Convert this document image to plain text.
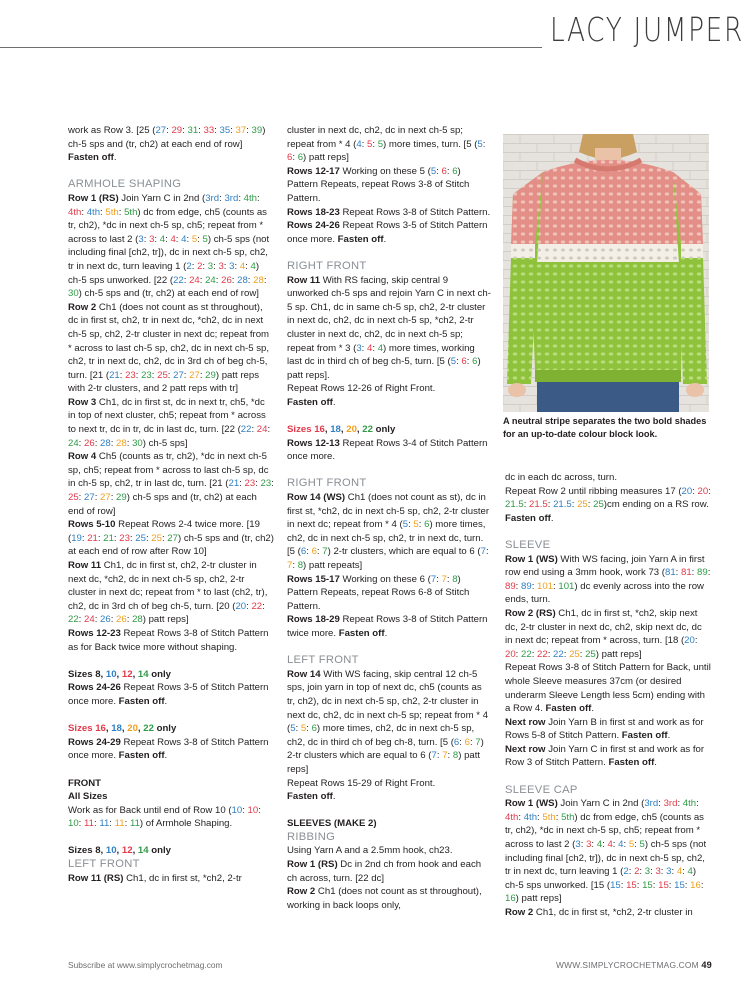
LACY JUMPER

work as Row 3. [25 (27: 29: 31: 33: 35: 37: 39) ch-5 sps and (tr, ch2) at each end of row]
Fasten off.

ARMHOLE SHAPING

Row 1 (RS) Join Yarn C in 2nd (3rd: 3rd: 4th: 4th: 4th: 5th: 5th) dc from edge, ch5 (counts as tr, ch2), *dc in next ch-5 sp, ch5; repeat from * across to last 2 (3: 3: 4: 4: 4: 5: 5) ch-5 sps (not including final [ch2, tr]), dc in next ch-5 sp, ch2, tr in next dc, turn leaving 1 (2: 2: 3: 3: 3: 4: 4) ch-5 sps unworked. [22 (22: 24: 24: 26: 28: 28: 30) ch-5 sps and (tr, ch2) at each end of row]

Row 2 Ch1 (does not count as st throughout), dc in first st, ch2, tr in next dc, *ch2, dc in next ch-5 sp, ch2, 2-tr cluster in next dc; repeat from * across to last ch-5 sp, ch2, dc in next ch-5 sp, ch2, tr in next dc, ch2, dc in 3rd ch of beg ch-5, turn. [21 (21: 23: 23: 25: 27: 27: 29) patt reps with 2-tr clusters, and 2 patt reps with tr]

Row 3 Ch1, dc in first st, dc in next tr, ch5, *dc in top of next cluster, ch5; repeat from * across to next tr, dc in tr, dc in last dc, turn. [22 (22: 24: 24: 26: 28: 28: 30) ch-5 sps]

Row 4 Ch5 (counts as tr, ch2), *dc in next ch-5 sp, ch5; repeat from * across to last ch-5 sp, dc in ch-5 sp, ch2, tr in last dc, turn. [21 (21: 23: 23: 25: 27: 27: 29) ch-5 sps and (tr, ch2) at each end of row]

Rows 5-10 Repeat Rows 2-4 twice more. [19 (19: 21: 21: 23: 25: 25: 27) ch-5 sps and (tr, ch2) at each end of row after Row 10]

Row 11 Ch1, dc in first st, ch2, 2-tr cluster in next dc, *ch2, dc in next ch-5 sp, ch2, 2-tr cluster in next dc; repeat from * to last (ch2, tr), ch2, dc in 3rd ch of beg ch-5, turn. [20 (20: 22: 22: 24: 26: 26: 28) patt reps]

Rows 12-23 Repeat Rows 3-8 of Stitch Pattern as for Back twice more without shaping.

Sizes 8, 10, 12, 14 only

Rows 24-26 Repeat Rows 3-5 of Stitch Pattern once more. Fasten off.

Sizes 16, 18, 20, 22 only

Rows 24-29 Repeat Rows 3-8 of Stitch Pattern once more. Fasten off.

FRONT

All Sizes

Work as for Back until end of Row 10 (10: 10: 10: 11: 11: 11: 11) of Armhole Shaping.

Sizes 8, 10, 12, 14 only

LEFT FRONT

Row 11 (RS) Ch1, dc in first st, *ch2, 2-tr

cluster in next dc, ch2, dc in next ch-5 sp; repeat from * 4 (4: 5: 5) more times, turn. [5 (5: 6: 6) patt reps]

Rows 12-17 Working on these 5 (5: 6: 6) Pattern Repeats, repeat Rows 3-8 of Stitch Pattern.

Rows 18-23 Repeat Rows 3-8 of Stitch Pattern.

Rows 24-26 Repeat Rows 3-5 of Stitch Pattern once more. Fasten off.

RIGHT FRONT

Row 11 With RS facing, skip central 9 unworked ch-5 sps and rejoin Yarn C in next ch-5 sp. Ch1, dc in same ch-5 sp, ch2, 2-tr cluster in next dc, ch2, dc in next ch-5 sp, *ch2, 2-tr cluster in next dc, ch2, dc in next ch-5 sp; repeat from * 3 (3: 4: 4) more times, working last dc in third ch of beg ch-5, turn. [5 (5: 6: 6) patt reps].

Repeat Rows 12-26 of Right Front.

Fasten off.

Sizes 16, 18, 20, 22 only

Rows 12-13 Repeat Rows 3-4 of Stitch Pattern once more.

RIGHT FRONT

Row 14 (WS) Ch1 (does not count as st), dc in first st, *ch2, dc in next ch-5 sp, ch2, 2-tr cluster in next dc; repeat from * 4 (5: 5: 6) more times, ch2, dc in next ch-5 sp, ch2, tr in next dc, turn. [5 (6: 6: 7) 2-tr clusters, which are equal to 6 (7: 7: 8) patt repeats]

Rows 15-17 Working on these 6 (7: 7: 8) Pattern Repeats, repeat Rows 6-8 of Stitch Pattern.

Rows 18-29 Repeat Rows 3-8 of Stitch Pattern twice more. Fasten off.

LEFT FRONT

Row 14 With WS facing, skip central 12 ch-5 sps, join yarn in top of next dc, ch5 (counts as tr, ch2), dc in next ch-5 sp, ch2, 2-tr cluster in next dc, ch2, dc in next ch-5 sp; repeat from * 4 (5: 5: 6) more times, ch2, dc in next ch-5 sp, ch2, dc in third ch of beg ch-8, turn. [5 (6: 6: 7) 2-tr clusters which are equal to 6 (7: 7: 8) patt reps]

Repeat Rows 15-29 of Right Front.

Fasten off.

SLEEVES (MAKE 2)

RIBBING

Using Yarn A and a 2.5mm hook, ch23.

Row 1 (RS) Dc in 2nd ch from hook and each ch across, turn. [22 dc]

Row 2 Ch1 (does not count as st throughout), working in back loops only,

A neutral stripe separates the two bold shades for an up-to-date colour block look.

dc in each dc across, turn.

Repeat Row 2 until ribbing measures 17 (20: 20: 21.5: 21.5: 21.5: 25: 25)cm ending on a RS row. Fasten off.

SLEEVE

Row 1 (WS) With WS facing, join Yarn A in first row end using a 3mm hook, work 73 (81: 81: 89: 89: 89: 101: 101) dc evenly across into the row ends, turn.

Row 2 (RS) Ch1, dc in first st, *ch2, skip next dc, 2-tr cluster in next dc, ch2, skip next dc, dc in next dc; repeat from * across, turn. [18 (20: 20: 22: 22: 22: 25: 25) patt reps]

Repeat Rows 3-8 of Stitch Pattern for Back, until whole Sleeve measures 37cm (or desired underarm Sleeve Length less 5cm) ending with a Row 4. Fasten off.

Next row Join Yarn B in first st and work as for Rows 5-8 of Stitch Pattern. Fasten off.

Next row Join Yarn C in first st and work as for Row 3 of Stitch Pattern. Fasten off.

SLEEVE CAP

Row 1 (WS) Join Yarn C in 2nd (3rd: 3rd: 4th: 4th: 4th: 5th: 5th) dc from edge, ch5 (counts as tr, ch2), *dc in next ch-5 sp, ch5; repeat from * across to last 2 (3: 3: 4: 4: 4: 5: 5) ch-5 sps (not including final [ch2, tr]), dc in next ch-5 sp, ch2, tr in next dc, turn leaving 1 (2: 2: 3: 3: 3: 4: 4) ch-5 sps unworked. [15 (15: 15: 15: 15: 15: 16: 16) patt reps]

Row 2 Ch1, dc in first st, *ch2, 2-tr cluster in

Subscribe at www.simplycrochetmag.com	WWW.SIMPLYCROCHETMAG.COM 49
